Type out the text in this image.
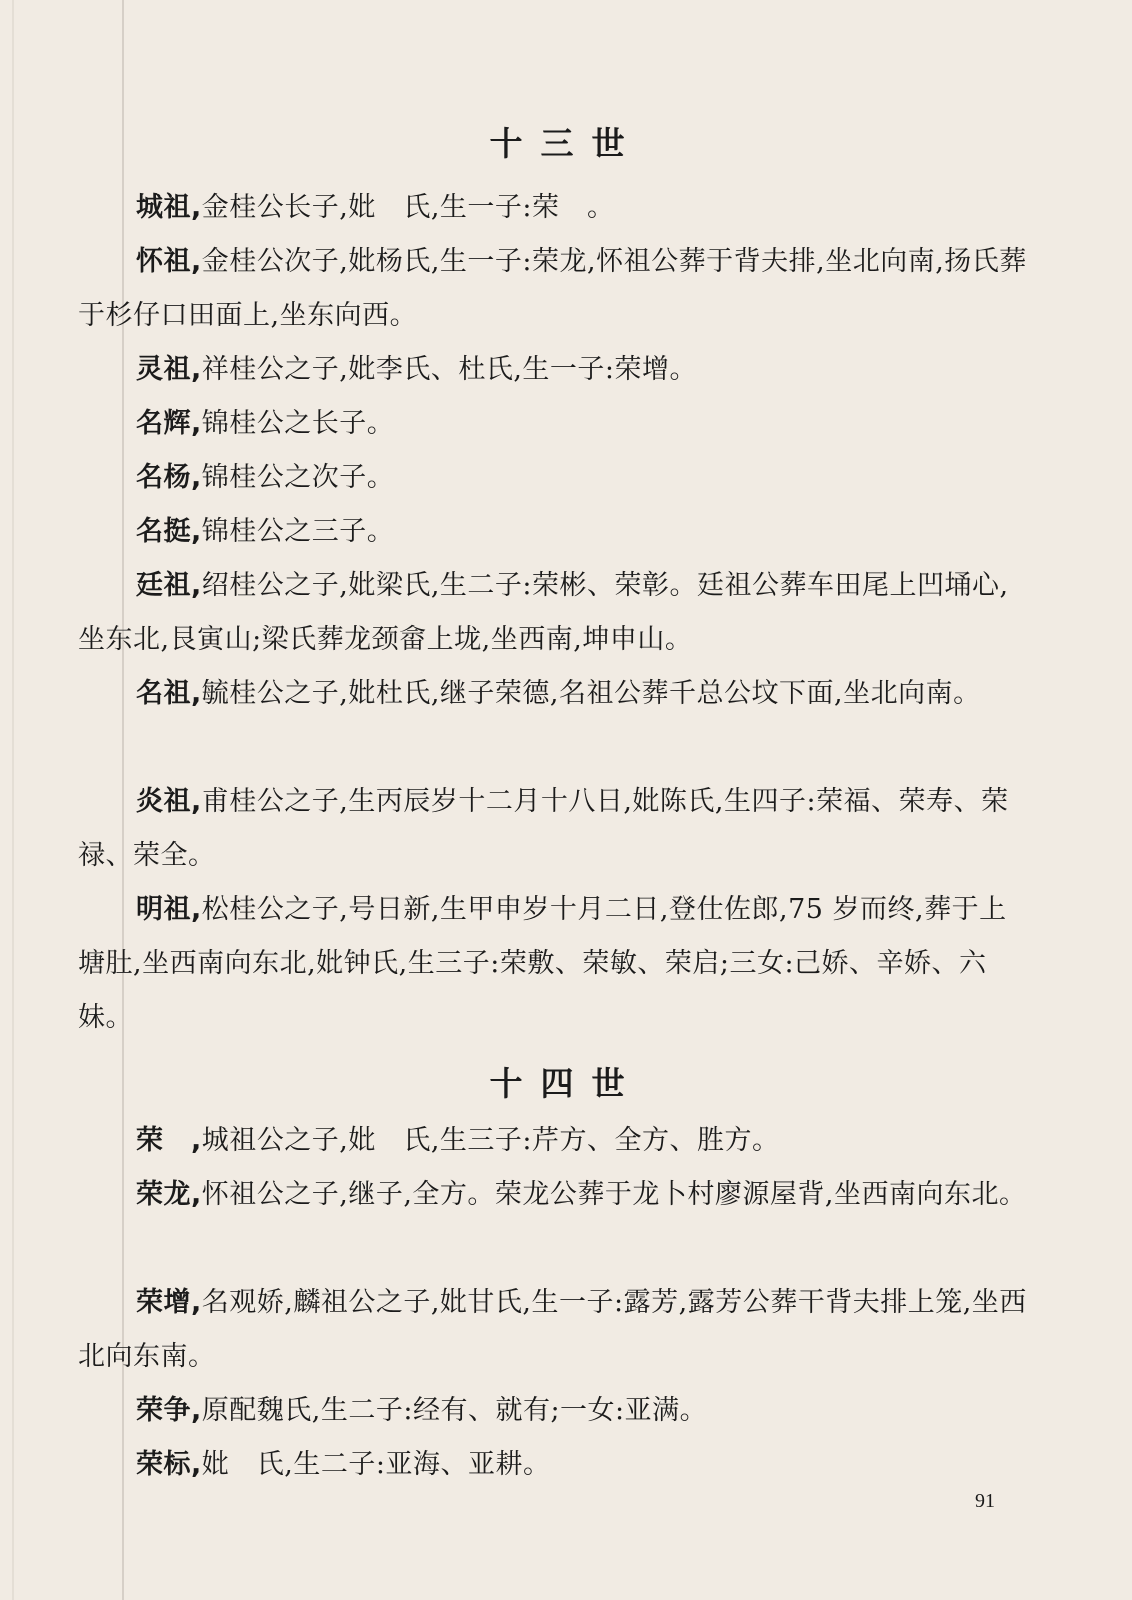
十三世

城祖,金桂公长子,妣　氏,生一子:荣　。

怀祖,金桂公次子,妣杨氏,生一子:荣龙,怀祖公葬于背夫排,坐北向南,扬氏葬于杉仔口田面上,坐东向西。

灵祖,祥桂公之子,妣李氏、杜氏,生一子:荣增。

名辉,锦桂公之长子。

名杨,锦桂公之次子。

名挺,锦桂公之三子。

廷祖,绍桂公之子,妣梁氏,生二子:荣彬、荣彰。廷祖公葬车田尾上凹埇心,坐东北,艮寅山;梁氏葬龙颈畲上垅,坐西南,坤申山。

名祖,毓桂公之子,妣杜氏,继子荣德,名祖公葬千总公坟下面,坐北向南。

炎祖,甫桂公之子,生丙辰岁十二月十八日,妣陈氏,生四子:荣福、荣寿、荣禄、荣全。

明祖,松桂公之子,号日新,生甲申岁十月二日,登仕佐郎,75 岁而终,葬于上塘肚,坐西南向东北,妣钟氏,生三子:荣敷、荣敏、荣启;三女:己娇、辛娇、六妹。

十四世

荣　,城祖公之子,妣　氏,生三子:芹方、全方、胜方。

荣龙,怀祖公之子,继子,全方。荣龙公葬于龙卜村廖源屋背,坐西南向东北。

荣增,名观娇,麟祖公之子,妣甘氏,生一子:露芳,露芳公葬干背夫排上笼,坐西北向东南。

荣争,原配魏氏,生二子:经有、就有;一女:亚满。

荣标,妣　氏,生二子:亚海、亚耕。

91
